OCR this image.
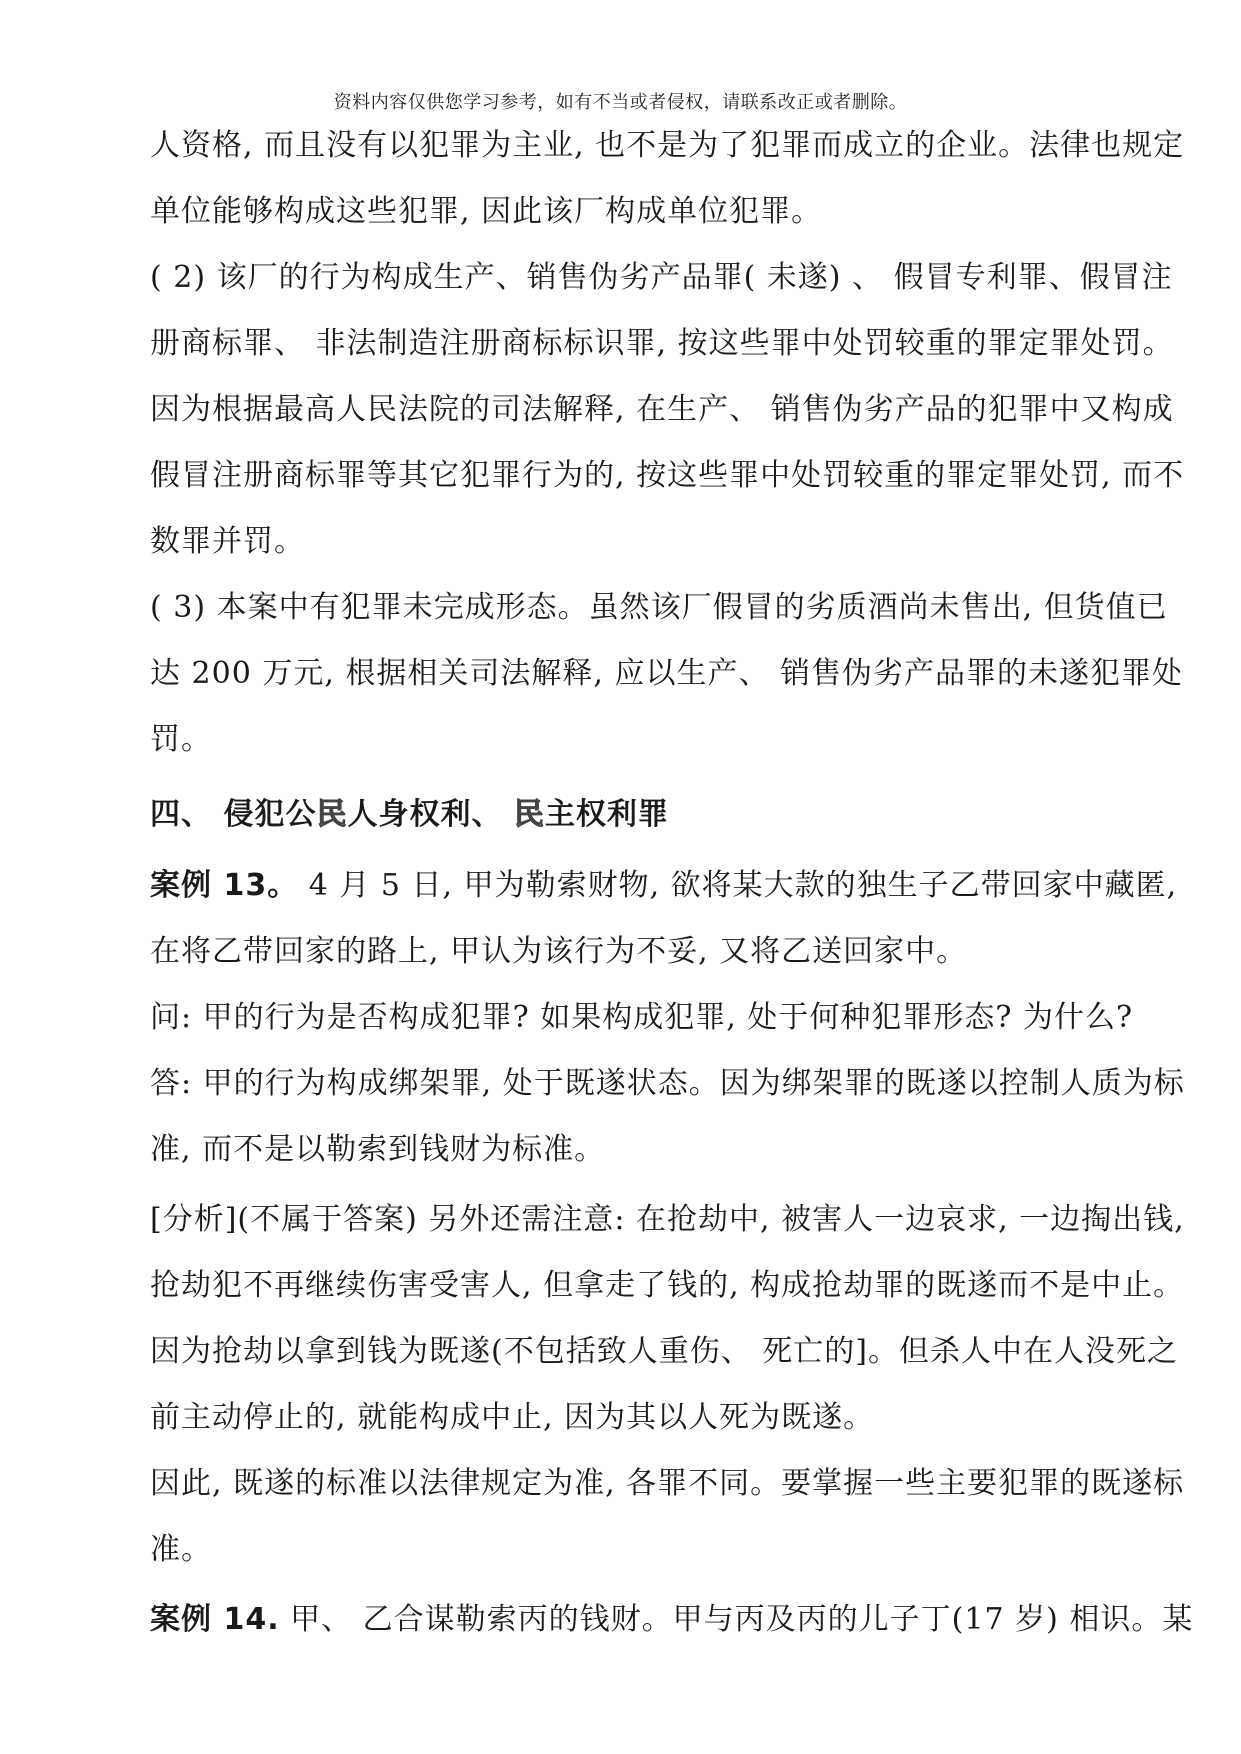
资料内容仅供您学习参考，如有不当或者侵权，请联系改正或者删除。
人资格, 而且没有以犯罪为主业, 也不是为了犯罪而成立的企业。法律也规定
单位能够构成这些犯罪, 因此该厂构成单位犯罪。
( 2) 该厂的行为构成生产、销售伪劣产品罪( 未遂) 、 假冒专利罪、假冒注
册商标罪、 非法制造注册商标标识罪, 按这些罪中处罚较重的罪定罪处罚。
因为根据最高人民法院的司法解释, 在生产、 销售伪劣产品的犯罪中又构成
假冒注册商标罪等其它犯罪行为的, 按这些罪中处罚较重的罪定罪处罚, 而不
数罪并罚。
( 3) 本案中有犯罪未完成形态。虽然该厂假冒的劣质酒尚未售出, 但货值已
达 200 万元, 根据相关司法解释, 应以生产、 销售伪劣产品罪的未遂犯罪处
罚。
四、 侵犯公民人身权利、 民主权利罪
案例 13。 4 月 5 日, 甲为勒索财物, 欲将某大款的独生子乙带回家中藏匿,
在将乙带回家的路上, 甲认为该行为不妥, 又将乙送回家中。
问: 甲的行为是否构成犯罪? 如果构成犯罪, 处于何种犯罪形态? 为什么?
答: 甲的行为构成绑架罪, 处于既遂状态。因为绑架罪的既遂以控制人质为标
准, 而不是以勒索到钱财为标准。
[分析](不属于答案) 另外还需注意: 在抢劫中, 被害人一边哀求, 一边掏出钱,
抢劫犯不再继续伤害受害人, 但拿走了钱的, 构成抢劫罪的既遂而不是中止。
因为抢劫以拿到钱为既遂(不包括致人重伤、 死亡的]。但杀人中在人没死之
前主动停止的, 就能构成中止, 因为其以人死为既遂。
因此, 既遂的标准以法律规定为准, 各罪不同。要掌握一些主要犯罪的既遂标
准。
案例 14. 甲、 乙合谋勒索丙的钱财。甲与丙及丙的儿子丁(17 岁) 相识。某
